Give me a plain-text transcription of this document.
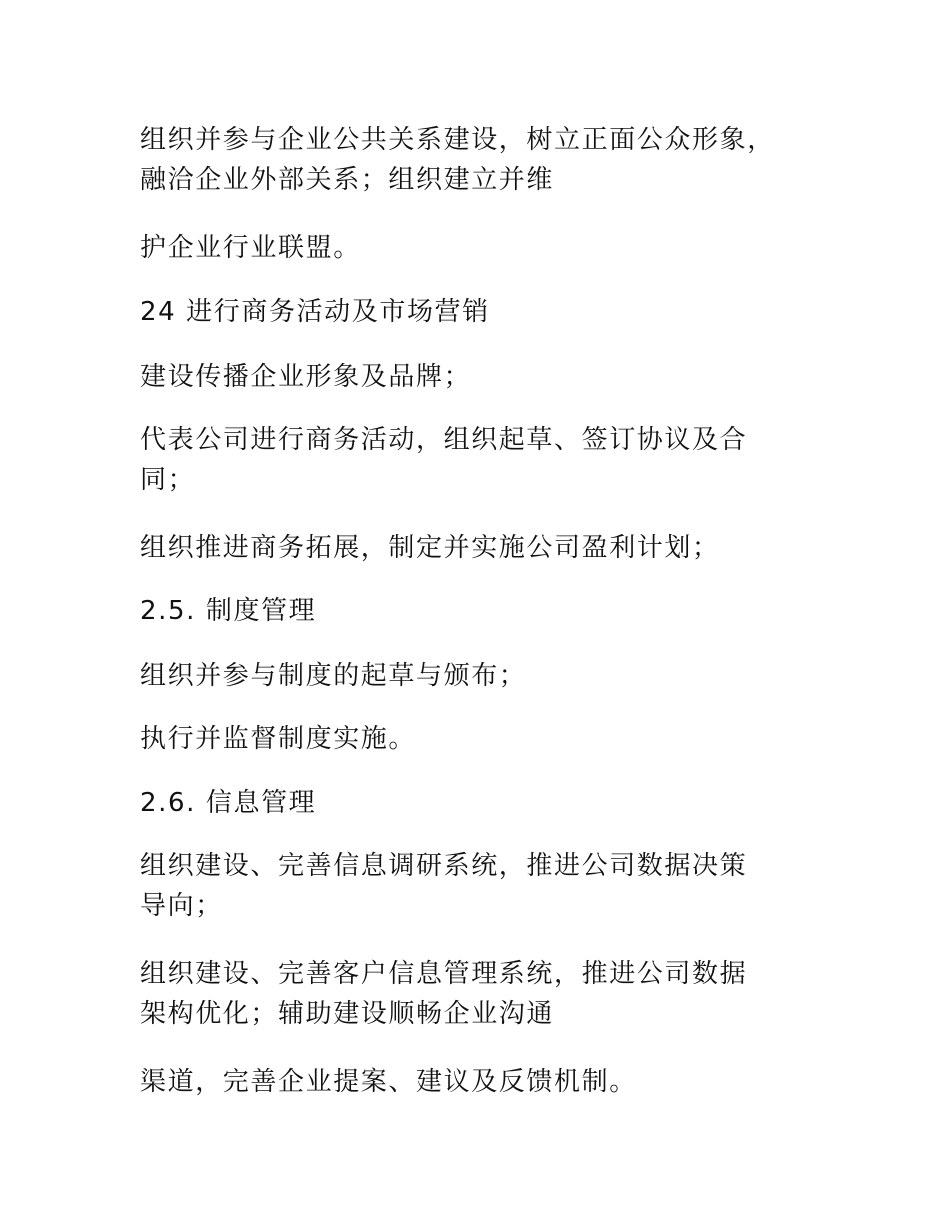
组织并参与企业公共关系建设，树立正面公众形象，
融洽企业外部关系；组织建立并维

护企业行业联盟。

24 进行商务活动及市场营销

建设传播企业形象及品牌；

代表公司进行商务活动，组织起草、签订协议及合
同；

组织推进商务拓展，制定并实施公司盈利计划；

2.5. 制度管理

组织并参与制度的起草与颁布；

执行并监督制度实施。

2.6. 信息管理

组织建设、完善信息调研系统，推进公司数据决策
导向；

组织建设、完善客户信息管理系统，推进公司数据
架构优化；辅助建设顺畅企业沟通

渠道，完善企业提案、建议及反馈机制。
